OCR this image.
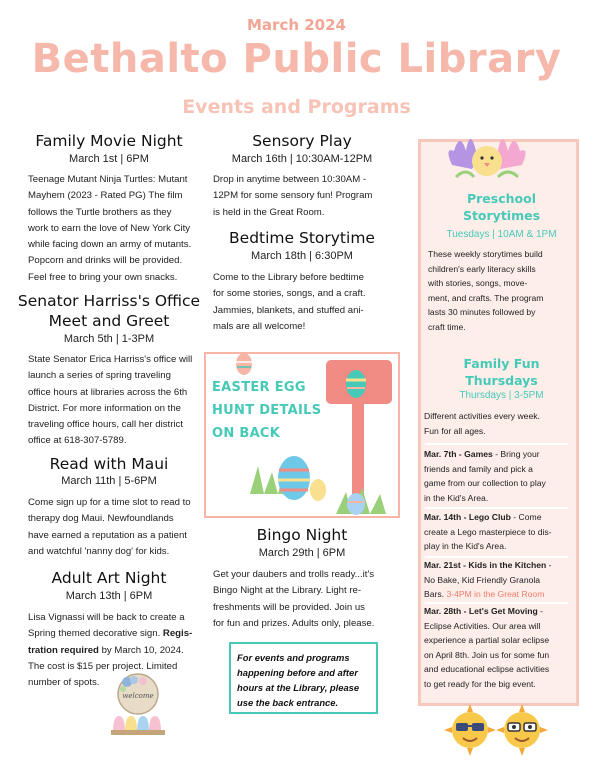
March 2024
Bethalto Public Library
Events and Programs
Family Movie Night
March 1st | 6PM
Teenage Mutant Ninja Turtles: Mutant
Mayhem (2023 - Rated PG) The film
follows the Turtle brothers as they
work to earn the love of New York City
while facing down an army of mutants.
Popcorn and drinks will be provided.
Feel free to bring your own snacks.
Senator Harriss's Office
Meet and Greet
March 5th | 1-3PM
State Senator Erica Harriss's office will
launch a series of spring traveling
office hours at libraries across the 6th
District. For more information on the
traveling office hours, call her district
office at 618-307-5789.
Read with Maui
March 11th | 5-6PM
Come sign up for a time slot to read to
therapy dog Maui. Newfoundlands
have earned a reputation as a patient
and watchful 'nanny dog' for kids.
Adult Art Night
March 13th | 6PM
Lisa Vignassi will be back to create a
Spring themed decorative sign. Regis-
tration required by March 10, 2024.
The cost is $15 per project. Limited
number of spots.
welcome
Sensory Play
March 16th | 10:30AM-12PM
Drop in anytime between 10:30AM -
12PM for some sensory fun! Program
is held in the Great Room.
Bedtime Storytime
March 18th | 6:30PM
Come to the Library before bedtime
for some stories, songs, and a craft.
Jammies, blankets, and stuffed ani-
mals are all welcome!
EASTER EGG
HUNT DETAILS
ON BACK
Bingo Night
March 29th | 6PM
Get your daubers and trolls ready...it's
Bingo Night at the Library. Light re-
freshments will be provided. Join us
for fun and prizes. Adults only, please.
For events and programs
happening before and after
hours at the Library, please
use the back entrance.
Preschool
Storytimes
Tuesdays | 10AM & 1PM
These weekly storytimes build
children's early literacy skills
with stories, songs, move-
ment, and crafts. The program
lasts 30 minutes followed by
craft time.
Family Fun
Thursdays
Thursdays | 3-5PM
Different activities every week.
Fun for all ages.
Mar. 7th - Games - Bring your
friends and family and pick a
game from our collection to play
in the Kid's Area.
Mar. 14th - Lego Club - Come
create a Lego masterpiece to dis-
play in the Kid's Area.
Mar. 21st - Kids in the Kitchen -
No Bake, Kid Friendly Granola
Bars. 3-4PM in the Great Room
Mar. 28th - Let's Get Moving -
Eclipse Activities. Our area will
experience a partial solar eclipse
on April 8th. Join us for some fun
and educational eclipse activities
to get ready for the big event.
